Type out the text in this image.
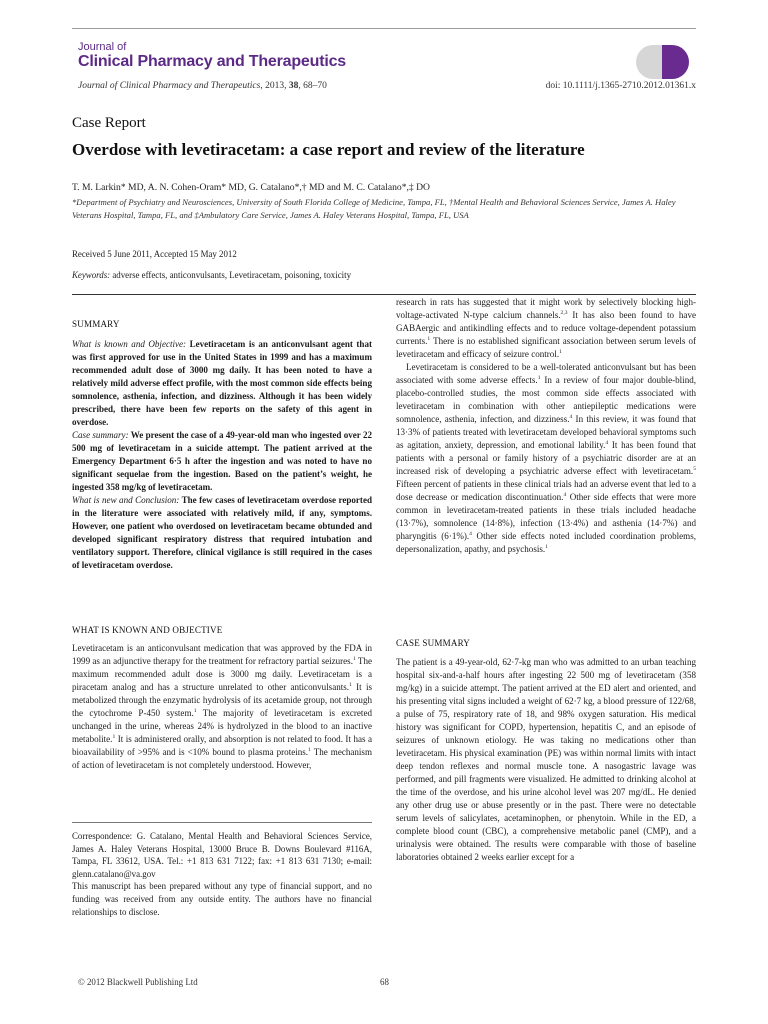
Journal of
Clinical Pharmacy and Therapeutics
Journal of Clinical Pharmacy and Therapeutics, 2013, 38, 68–70	doi: 10.1111/j.1365-2710.2012.01361.x
Case Report
Overdose with levetiracetam: a case report and review of the literature
T. M. Larkin* MD, A. N. Cohen-Oram* MD, G. Catalano*,† MD and M. C. Catalano*,‡ DO
*Department of Psychiatry and Neurosciences, University of South Florida College of Medicine, Tampa, FL, †Mental Health and Behavioral Sciences Service, James A. Haley Veterans Hospital, Tampa, FL, and ‡Ambulatory Care Service, James A. Haley Veterans Hospital, Tampa, FL, USA
Received 5 June 2011, Accepted 15 May 2012
Keywords: adverse effects, anticonvulsants, Levetiracetam, poisoning, toxicity
SUMMARY

What is known and Objective: Levetiracetam is an anticonvulsant agent that was first approved for use in the United States in 1999 and has a maximum recommended adult dose of 3000 mg daily. It has been noted to have a relatively mild adverse effect profile, with the most common side effects being somnolence, asthenia, infection, and dizziness. Although it has been widely prescribed, there have been few reports on the safety of this agent in overdose.

Case summary: We present the case of a 49-year-old man who ingested over 22 500 mg of levetiracetam in a suicide attempt. The patient arrived at the Emergency Department 6·5 h after the ingestion and was noted to have no significant sequelae from the ingestion. Based on the patient’s weight, he ingested 358 mg/kg of levetiracetam.

What is new and Conclusion: The few cases of levetiracetam overdose reported in the literature were associated with relatively mild, if any, symptoms. However, one patient who overdosed on levetiracetam became obtunded and developed significant respiratory distress that required intubation and ventilatory support. Therefore, clinical vigilance is still required in the cases of levetiracetam overdose.

WHAT IS KNOWN AND OBJECTIVE

Levetiracetam is an anticonvulsant medication that was approved by the FDA in 1999 as an adjunctive therapy for the treatment for refractory partial seizures.$^1$ The maximum recommended adult dose is 3000 mg daily. Levetiracetam is a piracetam analog and has a structure unrelated to other anticonvulsants.$^1$ It is metabolized through the enzymatic hydrolysis of its acetamide group, not through the cytochrome P-450 system.$^1$ The majority of levetiracetam is excreted unchanged in the urine, whereas 24% is hydrolyzed in the blood to an inactive metabolite.$^1$ It is administered orally, and absorption is not related to food. It has a bioavailability of >95% and is <10% bound to plasma proteins.$^1$ The mechanism of action of levetiracetam is not completely understood. However,

Correspondence: G. Catalano, Mental Health and Behavioral Sciences Service, James A. Haley Veterans Hospital, 13000 Bruce B. Downs Boulevard #116A, Tampa, FL 33612, USA. Tel.: +1 813 631 7122; fax: +1 813 631 7130; e-mail: glenn.catalano@va.gov

This manuscript has been prepared without any type of financial support, and no funding was received from any outside entity. The authors have no financial relationships to disclose.

research in rats has suggested that it might work by selectively blocking high-voltage-activated N-type calcium channels.$^{2,3}$ It has also been found to have GABAergic and antikindling effects and to reduce voltage-dependent potassium currents.$^1$ There is no established significant association between serum levels of levetiracetam and efficacy of seizure control.$^1$

Levetiracetam is considered to be a well-tolerated anticonvulsant but has been associated with some adverse effects.$^1$ In a review of four major double-blind, placebo-controlled studies, the most common side effects associated with levetiracetam in combination with other antiepileptic medications were somnolence, asthenia, infection, and dizziness.$^4$ In this review, it was found that 13·3% of patients treated with levetiracetam developed behavioral symptoms such as agitation, anxiety, depression, and emotional lability.$^4$ It has been found that patients with a personal or family history of a psychiatric disorder are at an increased risk of developing a psychiatric adverse effect with levetiracetam.$^5$ Fifteen percent of patients in these clinical trials had an adverse event that led to a dose decrease or medication discontinuation.$^4$ Other side effects that were more common in levetiracetam-treated patients in these trials included headache (13·7%), somnolence (14·8%), infection (13·4%) and asthenia (14·7%) and pharyngitis (6·1%).$^4$ Other side effects noted included coordination problems, depersonalization, apathy, and psychosis.$^1$

CASE SUMMARY

The patient is a 49-year-old, 62·7-kg man who was admitted to an urban teaching hospital six-and-a-half hours after ingesting 22 500 mg of levetiracetam (358 mg/kg) in a suicide attempt. The patient arrived at the ED alert and oriented, and his presenting vital signs included a weight of 62·7 kg, a blood pressure of 122/68, a pulse of 75, respiratory rate of 18, and 98% oxygen saturation. His medical history was significant for COPD, hypertension, hepatitis C, and an episode of seizures of unknown etiology. He was taking no medications other than levetiracetam. His physical examination (PE) was within normal limits with intact deep tendon reflexes and normal muscle tone. A nasogastric lavage was performed, and pill fragments were visualized. He admitted to drinking alcohol at the time of the overdose, and his urine alcohol level was 207 mg/dL. He denied any other drug use or abuse presently or in the past. There were no detectable serum levels of salicylates, acetaminophen, or phenytoin. While in the ED, a complete blood count (CBC), a comprehensive metabolic panel (CMP), and a urinalysis were obtained. The results were comparable with those of baseline laboratories obtained 2 weeks earlier except for a

© 2012 Blackwell Publishing Ltd	68
